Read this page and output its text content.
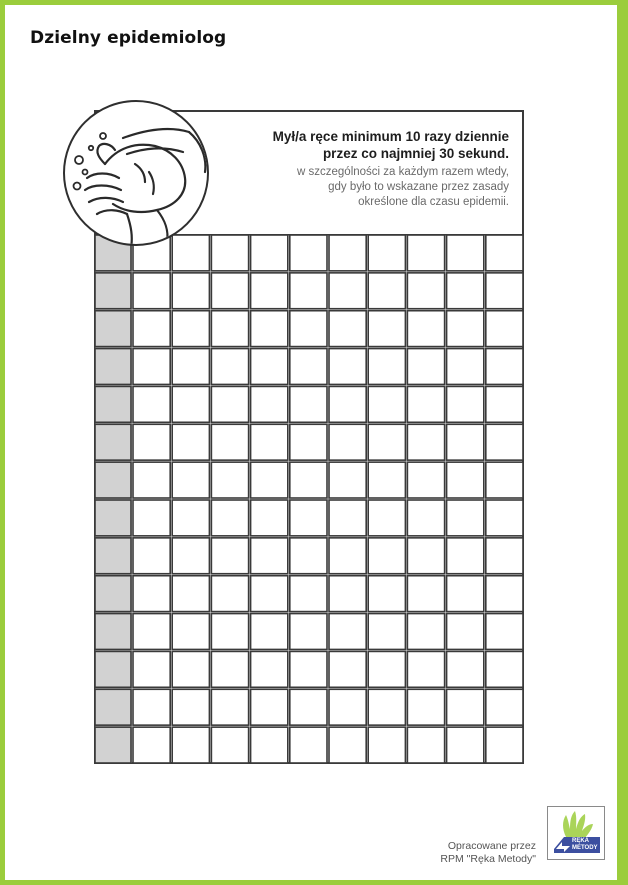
Dzielny epidemiolog
Mył/a ręce minimum 10 razy dziennie
przez co najmniej 30 sekund.
w szczególności za każdym razem wtedy,
gdy było to wskazane przez zasady
określone dla czasu epidemii.
Opracowane przez
RPM "Ręka Metody"
RĘKA
METODY
